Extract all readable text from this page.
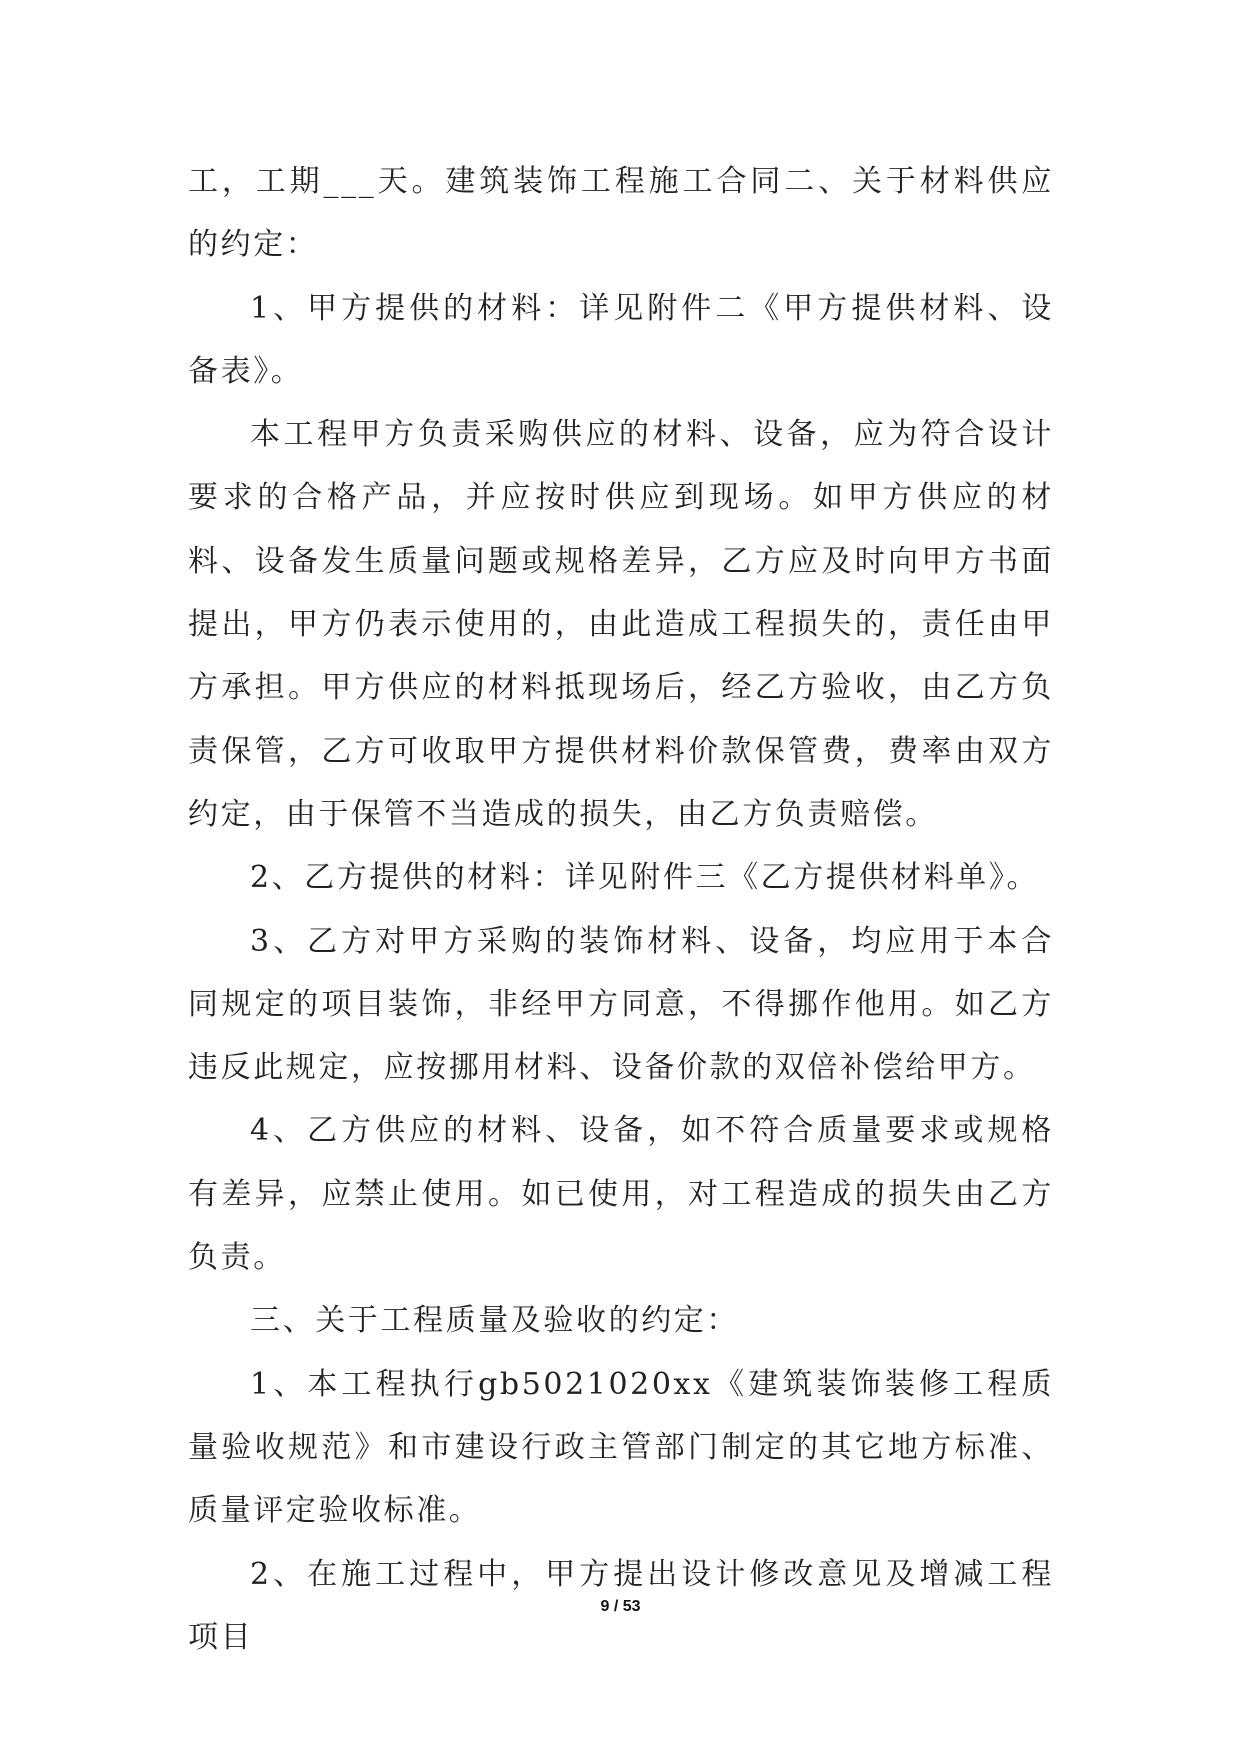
工，工期___天。建筑装饰工程施工合同二、关于材料供应的约定：

1、甲方提供的材料：详见附件二《甲方提供材料、设备表》。

本工程甲方负责采购供应的材料、设备，应为符合设计要求的合格产品，并应按时供应到现场。如甲方供应的材料、设备发生质量问题或规格差异，乙方应及时向甲方书面提出，甲方仍表示使用的，由此造成工程损失的，责任由甲方承担。甲方供应的材料抵现场后，经乙方验收，由乙方负责保管，乙方可收取甲方提供材料价款保管费，费率由双方约定，由于保管不当造成的损失，由乙方负责赔偿。

2、乙方提供的材料：详见附件三《乙方提供材料单》。

3、乙方对甲方采购的装饰材料、设备，均应用于本合同规定的项目装饰，非经甲方同意，不得挪作他用。如乙方违反此规定，应按挪用材料、设备价款的双倍补偿给甲方。

4、乙方供应的材料、设备，如不符合质量要求或规格有差异，应禁止使用。如已使用，对工程造成的损失由乙方负责。

三、关于工程质量及验收的约定：

1、本工程执行gb5021020xx《建筑装饰装修工程质量验收规范》和市建设行政主管部门制定的其它地方标准、质量评定验收标准。

2、在施工过程中，甲方提出设计修改意见及增减工程项目

9 / 53
